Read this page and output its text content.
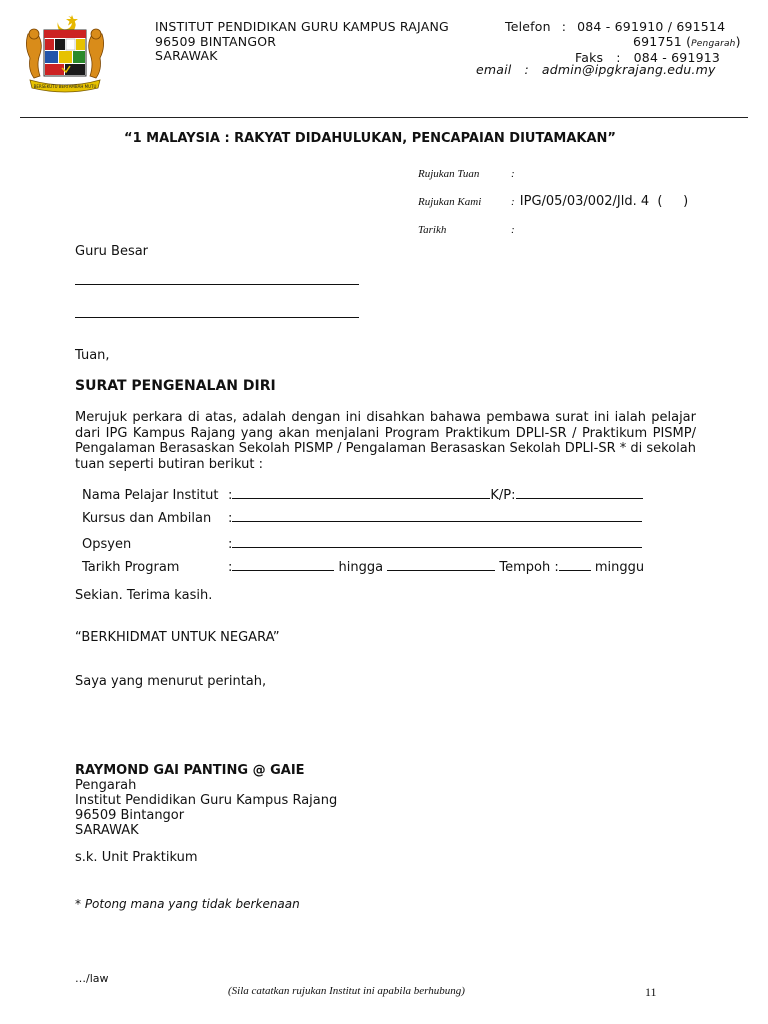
BERSEKUTU BERTAMBAH MUTU
INSTITUT PENDIDIKAN GURU KAMPUS RAJANG
96509 BINTANGOR
SARAWAK
Telefon : 084 - 691910 / 691514
691751 (Pengarah)
Faks : 084 - 691913
email : admin@ipgkrajang.edu.my
“1 MALAYSIA : RAKYAT DIDAHULUKAN, PENCAPAIAN DIUTAMAKAN”
Rujukan Tuan	:
Rujukan Kami	: IPG/05/03/002/Jld. 4  (     )
Tarikh	:
Guru Besar
Tuan,
SURAT PENGENALAN DIRI
Merujuk perkara di atas, adalah dengan ini disahkan bahawa pembawa surat ini ialah pelajar dari IPG Kampus Rajang yang akan menjalani Program Praktikum DPLI-SR / Praktikum PISMP/ Pengalaman Berasaskan Sekolah PISMP / Pengalaman Berasaskan Sekolah DPLI-SR * di sekolah tuan seperti butiran berikut :
Nama Pelajar Institut :	K/P:
Kursus dan Ambilan :
Opsyen	:
Tarikh Program	:	hingga	Tempoh :	minggu
Sekian. Terima kasih.
“BERKHIDMAT UNTUK NEGARA”
Saya yang menurut perintah,
RAYMOND GAI PANTING @ GAIE
Pengarah
Institut Pendidikan Guru Kampus Rajang
96509 Bintangor
SARAWAK
s.k. Unit Praktikum
* Potong mana yang tidak berkenaan
…/law
(Sila catatkan rujukan Institut ini apabila berhubung)	11
